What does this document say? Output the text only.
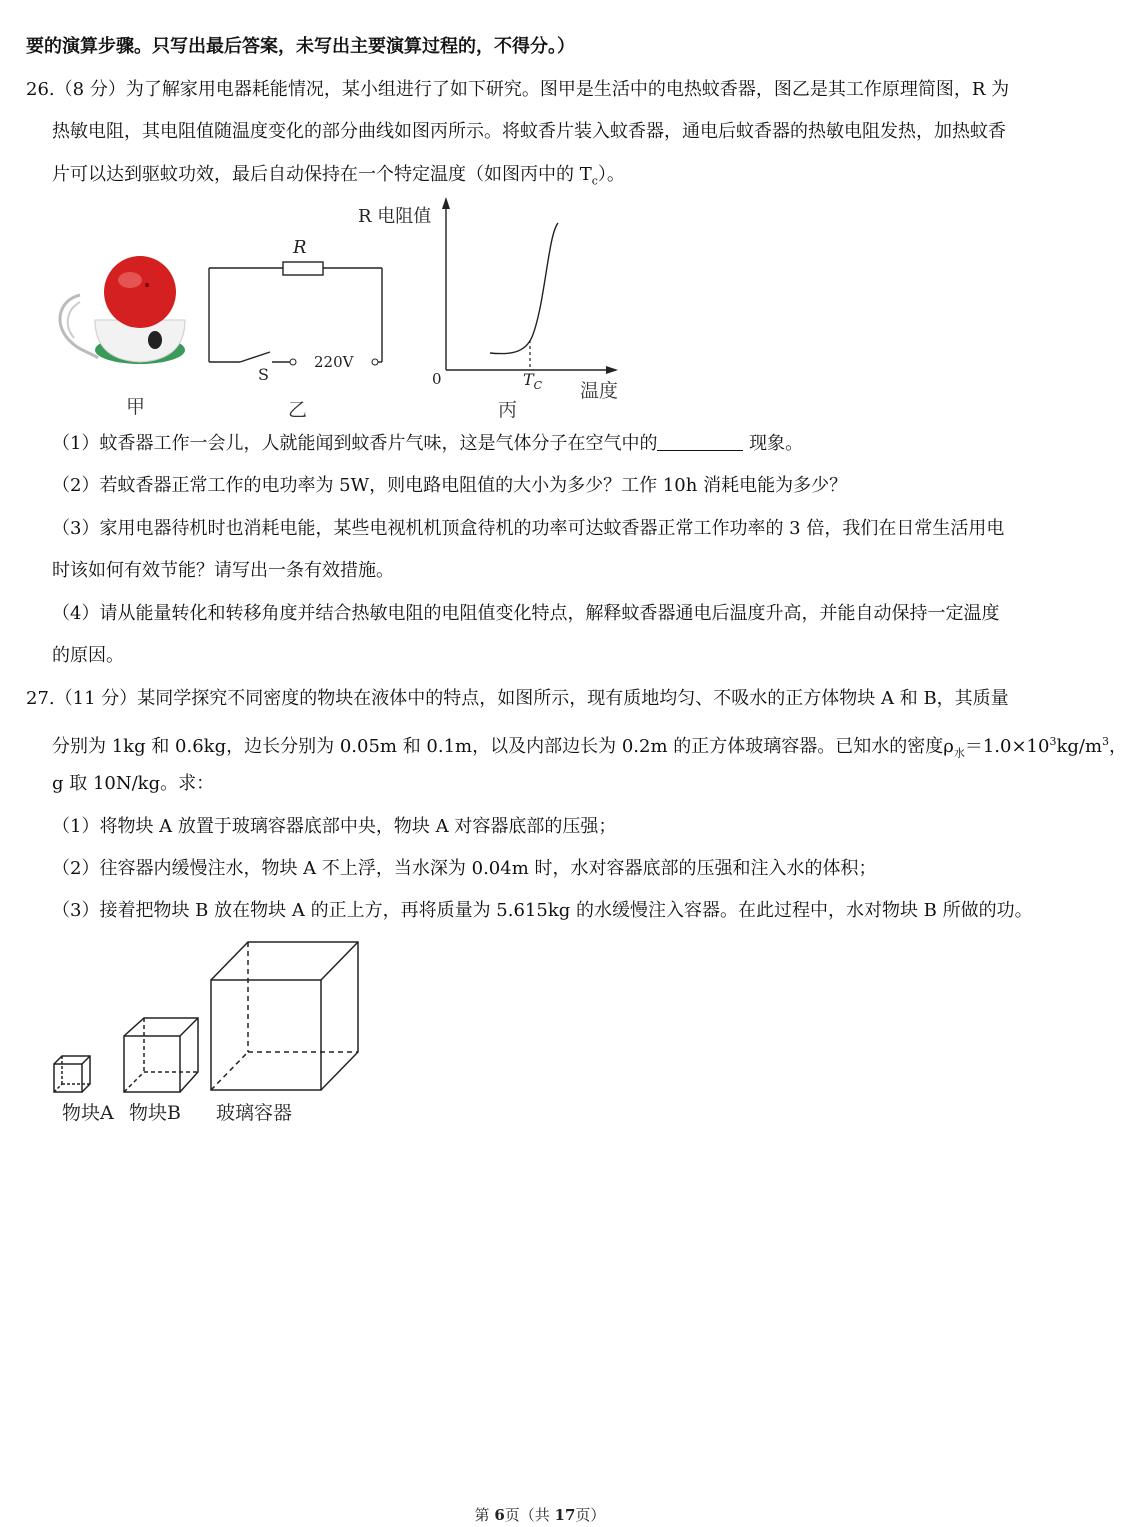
要的演算步骤。只写出最后答案，未写出主要演算过程的，不得分。）
26.（8 分）为了解家用电器耗能情况，某小组进行了如下研究。图甲是生活中的电热蚊香器，图乙是其工作原理简图，R 为
热敏电阻，其电阻值随温度变化的部分曲线如图丙所示。将蚊香片装入蚊香器，通电后蚊香器的热敏电阻发热，加热蚊香
片可以达到驱蚊功效，最后自动保持在一个特定温度（如图丙中的 $T_c$）。
甲
R
S
220V
乙
R 电阻值
0	$T_C$ 温度
丙
（1）蚊香器工作一会儿，人就能闻到蚊香片气味，这是气体分子在空气中的	现象。
（2）若蚊香器正常工作的电功率为 5W，则电路电阻值的大小为多少？工作 10h 消耗电能为多少？
（3）家用电器待机时也消耗电能，某些电视机机顶盒待机的功率可达蚊香器正常工作功率的 3 倍，我们在日常生活用电
时该如何有效节能？请写出一条有效措施。
（4）请从能量转化和转移角度并结合热敏电阻的电阻值变化特点，解释蚊香器通电后温度升高，并能自动保持一定温度
的原因。
27.（11 分）某同学探究不同密度的物块在液体中的特点，如图所示，现有质地均匀、不吸水的正方体物块 A 和 B，其质量
分别为 1kg 和 0.6kg，边长分别为 0.05m 和 0.1m，以及内部边长为 0.2m 的正方体玻璃容器。已知水的密度$\rho_水=1.0\times 10^3kg/m^3$，
g 取 10N/kg。求：
（1）将物块 A 放置于玻璃容器底部中央，物块 A 对容器底部的压强；
（2）往容器内缓慢注水，物块 A 不上浮，当水深为 0.04m 时，水对容器底部的压强和注入水的体积；
（3）接着把物块 B 放在物块 A 的正上方，再将质量为 5.615kg 的水缓慢注入容器。在此过程中，水对物块 B 所做的功。
物块A 物块B 玻璃容器
第 6页（共 17页）
